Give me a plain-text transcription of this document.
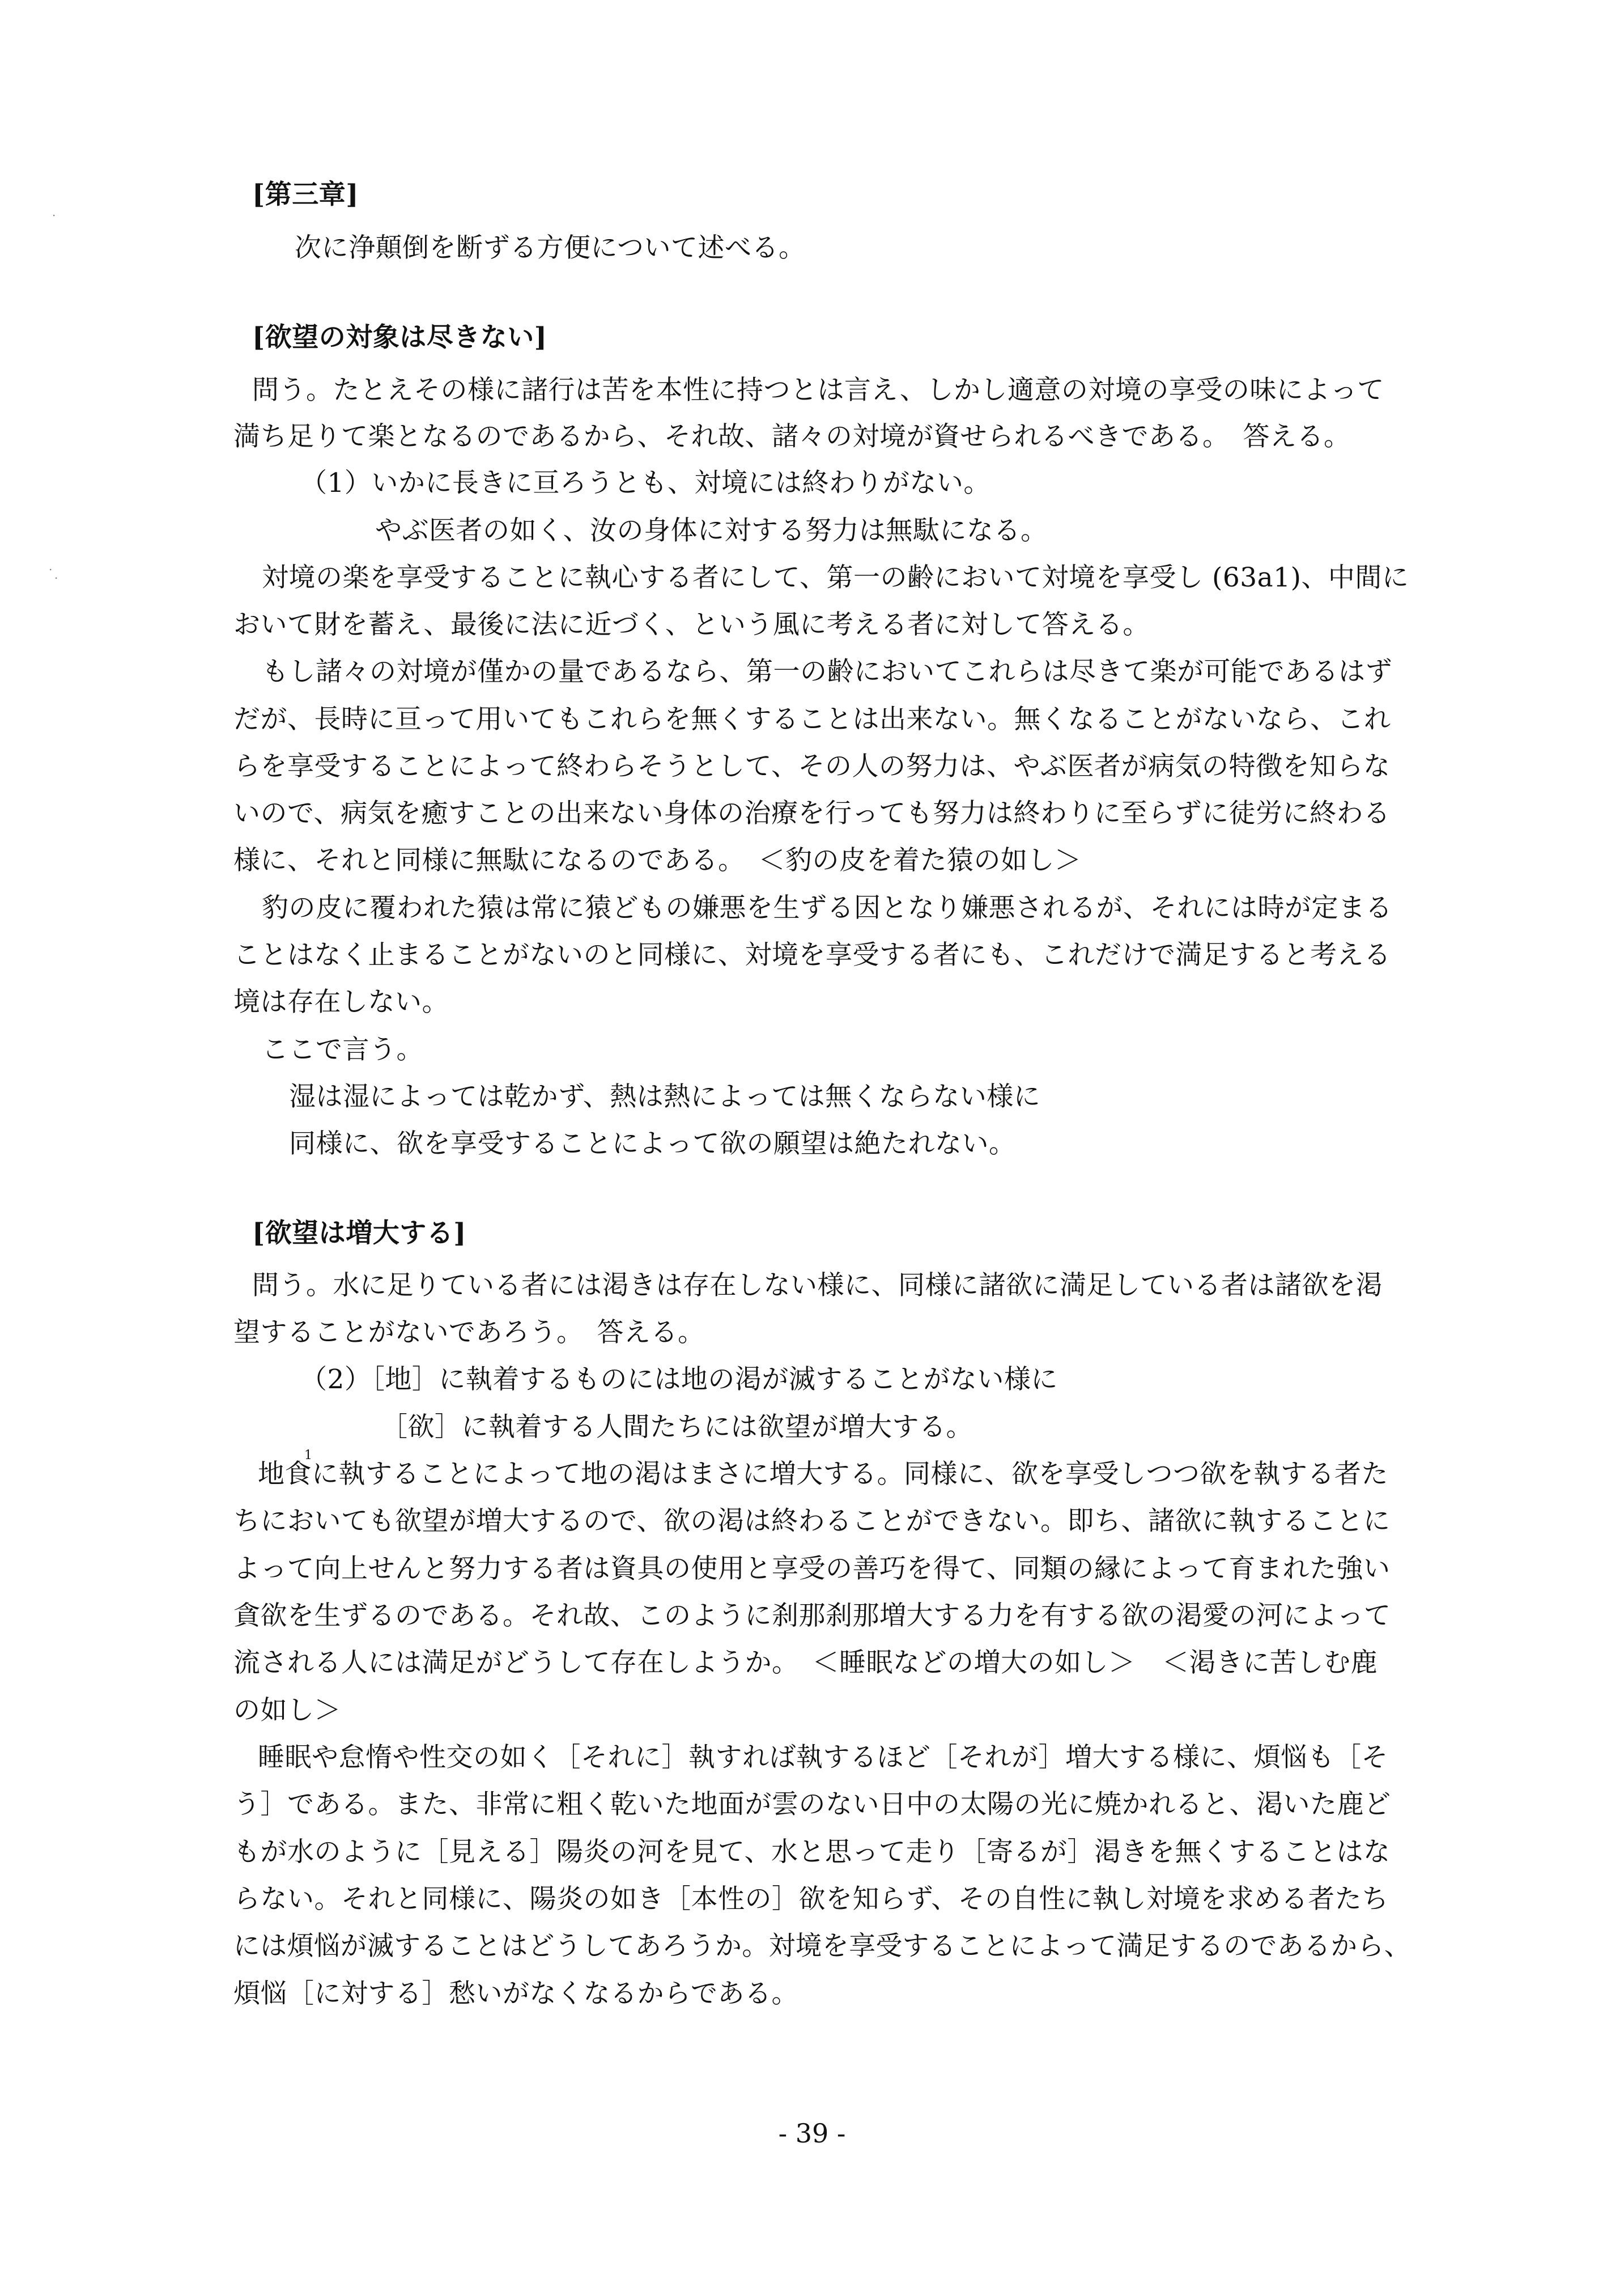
[第三章]
次に浄顛倒を断ずる方便について述べる。
[欲望の対象は尽きない]
問う。たとえその様に諸行は苦を本性に持つとは言え、しかし適意の対境の享受の味によって
満ち足りて楽となるのであるから、それ故、諸々の対境が資せられるべきである。　答える。
（1）いかに長きに亘ろうとも、対境には終わりがない。
やぶ医者の如く、汝の身体に対する努力は無駄になる。
対境の楽を享受することに執心する者にして、第一の齢において対境を享受し (63a1)、中間に
おいて財を蓄え、最後に法に近づく、という風に考える者に対して答える。
もし諸々の対境が僅かの量であるなら、第一の齢においてこれらは尽きて楽が可能であるはず
だが、長時に亘って用いてもこれらを無くすることは出来ない。無くなることがないなら、これ
らを享受することによって終わらそうとして、その人の努力は、やぶ医者が病気の特徴を知らな
いので、病気を癒すことの出来ない身体の治療を行っても努力は終わりに至らずに徒労に終わる
様に、それと同様に無駄になるのである。　＜豹の皮を着た猿の如し＞
豹の皮に覆われた猿は常に猿どもの嫌悪を生ずる因となり嫌悪されるが、それには時が定まる
ことはなく止まることがないのと同様に、対境を享受する者にも、これだけで満足すると考える
境は存在しない。
ここで言う。
湿は湿によっては乾かず、熱は熱によっては無くならない様に
同様に、欲を享受することによって欲の願望は絶たれない。
[欲望は増大する]
問う。水に足りている者には渇きは存在しない様に、同様に諸欲に満足している者は諸欲を渇
望することがないであろう。　答える。
（2）［地］に執着するものには地の渇が滅することがない様に
［欲］に執着する人間たちには欲望が増大する。
1
地食に執することによって地の渇はまさに増大する。同様に、欲を享受しつつ欲を執する者た
ちにおいても欲望が増大するので、欲の渇は終わることができない。即ち、諸欲に執することに
よって向上せんと努力する者は資具の使用と享受の善巧を得て、同類の縁によって育まれた強い
貪欲を生ずるのである。それ故、このように刹那刹那増大する力を有する欲の渇愛の河によって
流される人には満足がどうして存在しようか。　＜睡眠などの増大の如し＞　＜渇きに苦しむ鹿
の如し＞
睡眠や怠惰や性交の如く［それに］執すれば執するほど［それが］増大する様に、煩悩も［そ
う］である。また、非常に粗く乾いた地面が雲のない日中の太陽の光に焼かれると、渇いた鹿ど
もが水のように［見える］陽炎の河を見て、水と思って走り［寄るが］渇きを無くすることはな
らない。それと同様に、陽炎の如き［本性の］欲を知らず、その自性に執し対境を求める者たち
には煩悩が滅することはどうしてあろうか。対境を享受することによって満足するのであるから、
煩悩［に対する］愁いがなくなるからである。
- 39 -
·
·
·
